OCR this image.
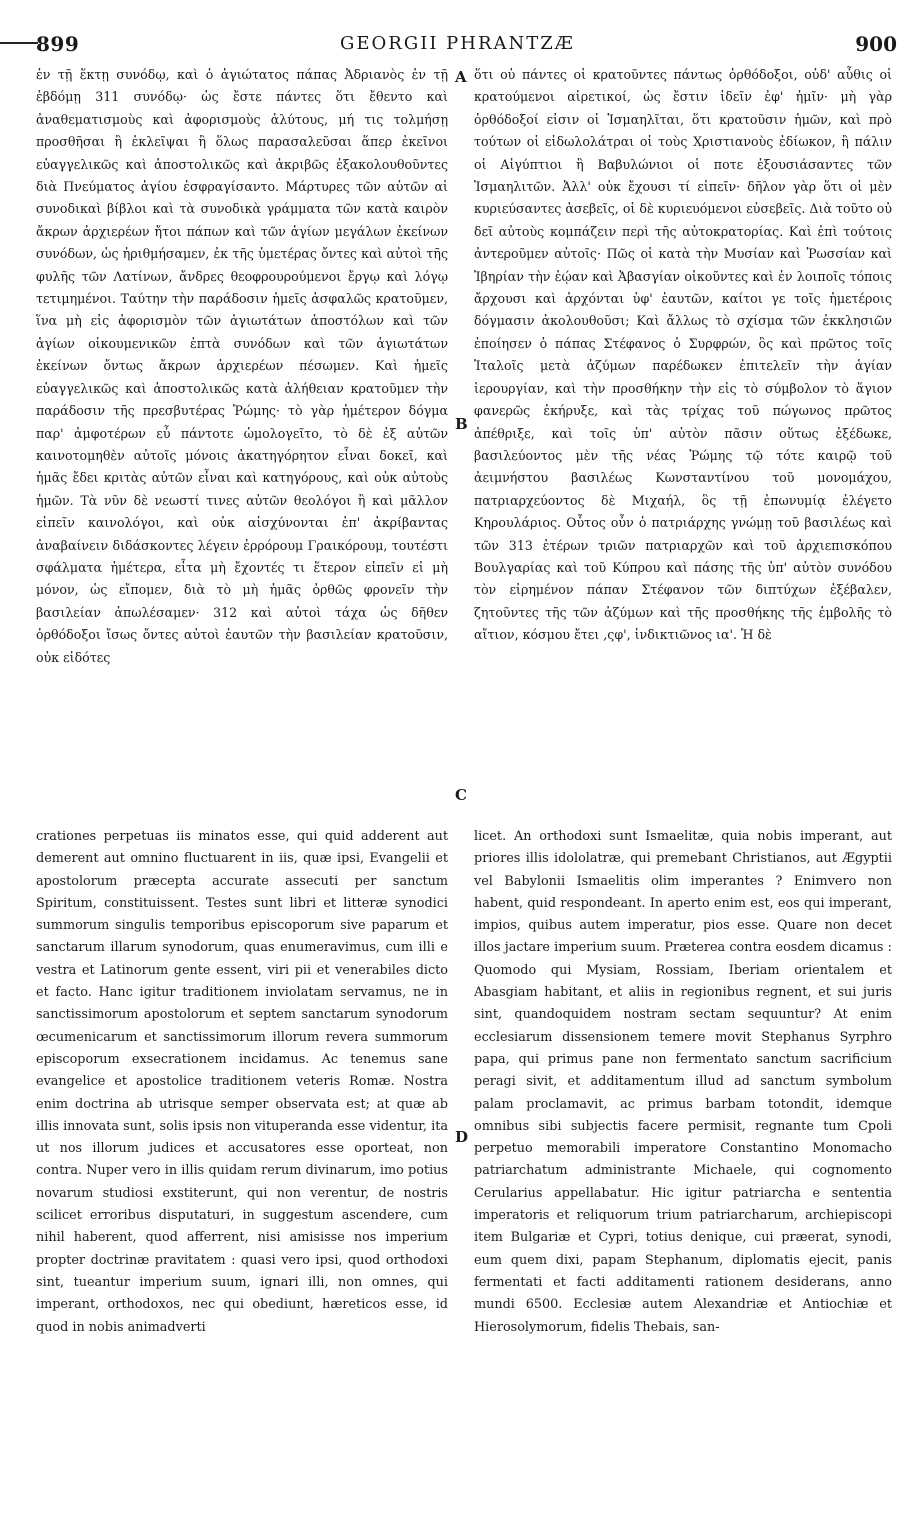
899	GEORGII PHRANTZÆ	900
ἐν τῇ ἕκτῃ συνόδῳ, καὶ ὁ ἁγιώτατος πάπας Ἀδριανὸς ἐν τῇ ἑβδόμῃ 311 συνόδῳ· ὡς ἔστε πάντες ὅτι ἔθεντο καὶ ἀναθεματισμοὺς καὶ ἀφορισμοὺς ἀλύτους, μή τις τολμήσῃ προσθῆσαι ἢ ἐκλεῖψαι ἢ ὅλως παρασαλεῦσαι ἅπερ ἐκεῖνοι εὐαγγελικῶς καὶ ἀποστολικῶς καὶ ἀκριβῶς ἐξακολουθοῦντες διὰ Πνεύματος ἁγίου ἐσφραγίσαντο. Μάρτυρες τῶν αὐτῶν αἱ συνοδικαὶ βίβλοι καὶ τὰ συνοδικὰ γράμματα τῶν κατὰ καιρὸν ἄκρων ἀρχιερέων ἤτοι πάπων καὶ τῶν ἁγίων μεγάλων ἐκείνων συνόδων, ὡς ἠριθμήσαμεν, ἐκ τῆς ὑμετέρας ὄντες καὶ αὐτοὶ τῆς φυλῆς τῶν Λατίνων, ἄνδρες θεοφρουρούμενοι ἔργῳ καὶ λόγῳ τετιμημένοι. Ταύτην τὴν παράδοσιν ἡμεῖς ἀσφαλῶς κρατοῦμεν, ἵνα μὴ εἰς ἀφορισμὸν τῶν ἁγιωτάτων ἀποστόλων καὶ τῶν ἁγίων οἰκουμενικῶν ἑπτὰ συνόδων καὶ τῶν ἁγιωτάτων ἐκείνων ὄντως ἄκρων ἀρχιερέων πέσωμεν. Καὶ ἡμεῖς εὐαγγελικῶς καὶ ἀποστολικῶς κατὰ ἀλήθειαν κρατοῦμεν τὴν παράδοσιν τῆς πρεσβυτέρας Ῥώμης· τὸ γὰρ ἡμέτερον δόγμα παρ' ἀμφοτέρων εὖ πάντοτε ὡμολογεῖτο, τὸ δὲ ἐξ αὐτῶν καινοτομηθὲν αὐτοῖς μόνοις ἀκατηγόρητον εἶναι δοκεῖ, καὶ ἡμᾶς ἔδει κριτὰς αὐτῶν εἶναι καὶ κατηγόρους, καὶ οὐκ αὐτοὺς ἡμῶν. Τὰ νῦν δὲ νεωστί τινες αὐτῶν θεολόγοι ἢ καὶ μᾶλλον εἰπεῖν καινολόγοι, καὶ οὐκ αἰσχύνονται ἐπ' ἀκρίβαντας ἀναβαίνειν διδάσκοντες λέγειν ἐρρόρουμ Γραικόρουμ, τουτέστι σφάλματα ἡμέτερα, εἶτα μὴ ἔχοντές τι ἕτερον εἰπεῖν εἰ μὴ μόνον, ὡς εἴπομεν, διὰ τὸ μὴ ἡμᾶς ὀρθῶς φρονεῖν τὴν βασιλείαν ἀπωλέσαμεν· 312 καὶ αὐτοὶ τάχα ὡς δῆθεν ὀρθόδοξοι ἴσως ὄντες αὐτοὶ ἑαυτῶν τὴν βασιλείαν κρατοῦσιν, οὐκ εἰδότες
ὅτι οὐ πάντες οἱ κρατοῦντες πάντως ὀρθόδοξοι, οὐδ' αὖθις οἱ κρατούμενοι αἱρετικοί, ὡς ἔστιν ἰδεῖν ἐφ' ἡμῖν· μὴ γὰρ ὀρθόδοξοί εἰσιν οἱ Ἰσμαηλῖται, ὅτι κρατοῦσιν ἡμῶν, καὶ πρὸ τούτων οἱ εἰδωλολάτραι οἱ τοὺς Χριστιανοὺς ἐδίωκον, ἢ πάλιν οἱ Αἰγύπτιοι ἢ Βαβυλώνιοι οἱ ποτε ἐξουσιάσαντες τῶν Ἰσμαηλιτῶν. Ἀλλ' οὐκ ἔχουσι τί εἰπεῖν· δῆλον γὰρ ὅτι οἱ μὲν κυριεύσαντες ἀσεβεῖς, οἱ δὲ κυριευόμενοι εὐσεβεῖς. Διὰ τοῦτο οὐ δεῖ αὐτοὺς κομπάζειν περὶ τῆς αὐτοκρατορίας. Καὶ ἐπὶ τούτοις ἀντεροῦμεν αὐτοῖς· Πῶς οἱ κατὰ τὴν Μυσίαν καὶ Ῥωσσίαν καὶ Ἰβηρίαν τὴν ἑῴαν καὶ Ἀβασγίαν οἰκοῦντες καὶ ἐν λοιποῖς τόποις ἄρχουσι καὶ ἀρχόνται ὑφ' ἑαυτῶν, καίτοι γε τοῖς ἡμετέροις δόγμασιν ἀκολουθοῦσι; Καὶ ἄλλως τὸ σχίσμα τῶν ἐκκλησιῶν ἐποίησεν ὁ πάπας Στέφανος ὁ Συρφρών, ὃς καὶ πρῶτος τοῖς Ἰταλοῖς μετὰ ἀζύμων παρέδωκεν ἐπιτελεῖν τὴν ἁγίαν ἱερουργίαν, καὶ τὴν προσθήκην τὴν εἰς τὸ σύμβολον τὸ ἅγιον φανερῶς ἐκήρυξε, καὶ τὰς τρίχας τοῦ πώγωνος πρῶτος ἀπέθριξε, καὶ τοῖς ὑπ' αὐτὸν πᾶσιν οὕτως ἐξέδωκε, βασιλεύοντος μὲν τῆς νέας Ῥώμης τῷ τότε καιρῷ τοῦ ἀειμνήστου βασιλέως Κωνσταντίνου τοῦ μονομάχου, πατριαρχεύοντος δὲ Μιχαήλ, ὃς τῇ ἐπωνυμίᾳ ἐλέγετο Κηρουλάριος. Οὗτος οὖν ὁ πατριάρχης γνώμῃ τοῦ βασιλέως καὶ τῶν 313 ἑτέρων τριῶν πατριαρχῶν καὶ τοῦ ἀρχιεπισκόπου Βουλγαρίας καὶ τοῦ Κύπρου καὶ πάσης τῆς ὑπ' αὐτὸν συνόδου τὸν εἰρημένον πάπαν Στέφανον τῶν διπτύχων ἐξέβαλεν, ζητοῦντες τῆς τῶν ἀζύμων καὶ τῆς προσθήκης τῆς ἐμβολῆς τὸ αἴτιον, κόσμου ἔτει ,ςφ', ἰνδικτιῶνος ια'. Ἡ δὲ
A
B
C
D
crationes perpetuas iis minatos esse, qui quid adderent aut demerent aut omnino fluctuarent in iis, quæ ipsi, Evangelii et apostolorum præcepta accurate assecuti per sanctum Spiritum, constituissent. Testes sunt libri et litteræ synodici summorum singulis temporibus episcoporum sive paparum et sanctarum illarum synodorum, quas enumeravimus, cum illi e vestra et Latinorum gente essent, viri pii et venerabiles dicto et facto. Hanc igitur traditionem inviolatam servamus, ne in sanctissimorum apostolorum et septem sanctarum synodorum œcumenicarum et sanctissimorum illorum revera summorum episcoporum exsecrationem incidamus. Ac tenemus sane evangelice et apostolice traditionem veteris Romæ. Nostra enim doctrina ab utrisque semper observata est; at quæ ab illis innovata sunt, solis ipsis non vituperanda esse videntur, ita ut nos illorum judices et accusatores esse oporteat, non contra. Nuper vero in illis quidam rerum divinarum, imo potius novarum studiosi exstiterunt, qui non verentur, de nostris scilicet erroribus disputaturi, in suggestum ascendere, cum nihil haberent, quod afferrent, nisi amisisse nos imperium propter doctrinæ pravitatem : quasi vero ipsi, quod orthodoxi sint, tueantur imperium suum, ignari illi, non omnes, qui imperant, orthodoxos, nec qui obediunt, hæreticos esse, id quod in nobis animadverti
licet. An orthodoxi sunt Ismaelitæ, quia nobis imperant, aut priores illis idololatræ, qui premebant Christianos, aut Ægyptii vel Babylonii Ismaelitis olim imperantes ? Enimvero non habent, quid respondeant. In aperto enim est, eos qui imperant, impios, quibus autem imperatur, pios esse. Quare non decet illos jactare imperium suum. Præterea contra eosdem dicamus : Quomodo qui Mysiam, Rossiam, Iberiam orientalem et Abasgiam habitant, et aliis in regionibus regnent, et sui juris sint, quandoquidem nostram sectam sequuntur? At enim ecclesiarum dissensionem temere movit Stephanus Syrphro papa, qui primus pane non fermentato sanctum sacrificium peragi sivit, et additamentum illud ad sanctum symbolum palam proclamavit, ac primus barbam totondit, idemque omnibus sibi subjectis facere permisit, regnante tum Cpoli perpetuo memorabili imperatore Constantino Monomacho patriarchatum administrante Michaele, qui cognomento Cerularius appellabatur. Hic igitur patriarcha e sententia imperatoris et reliquorum trium patriarcharum, archiepiscopi item Bulgariæ et Cypri, totius denique, cui præerat, synodi, eum quem dixi, papam Stephanum, diplomatis ejecit, panis fermentati et facti additamenti rationem desiderans, anno mundi 6500. Ecclesiæ autem Alexandriæ et Antiochiæ et Hierosolymorum, fidelis Thebais, san-
